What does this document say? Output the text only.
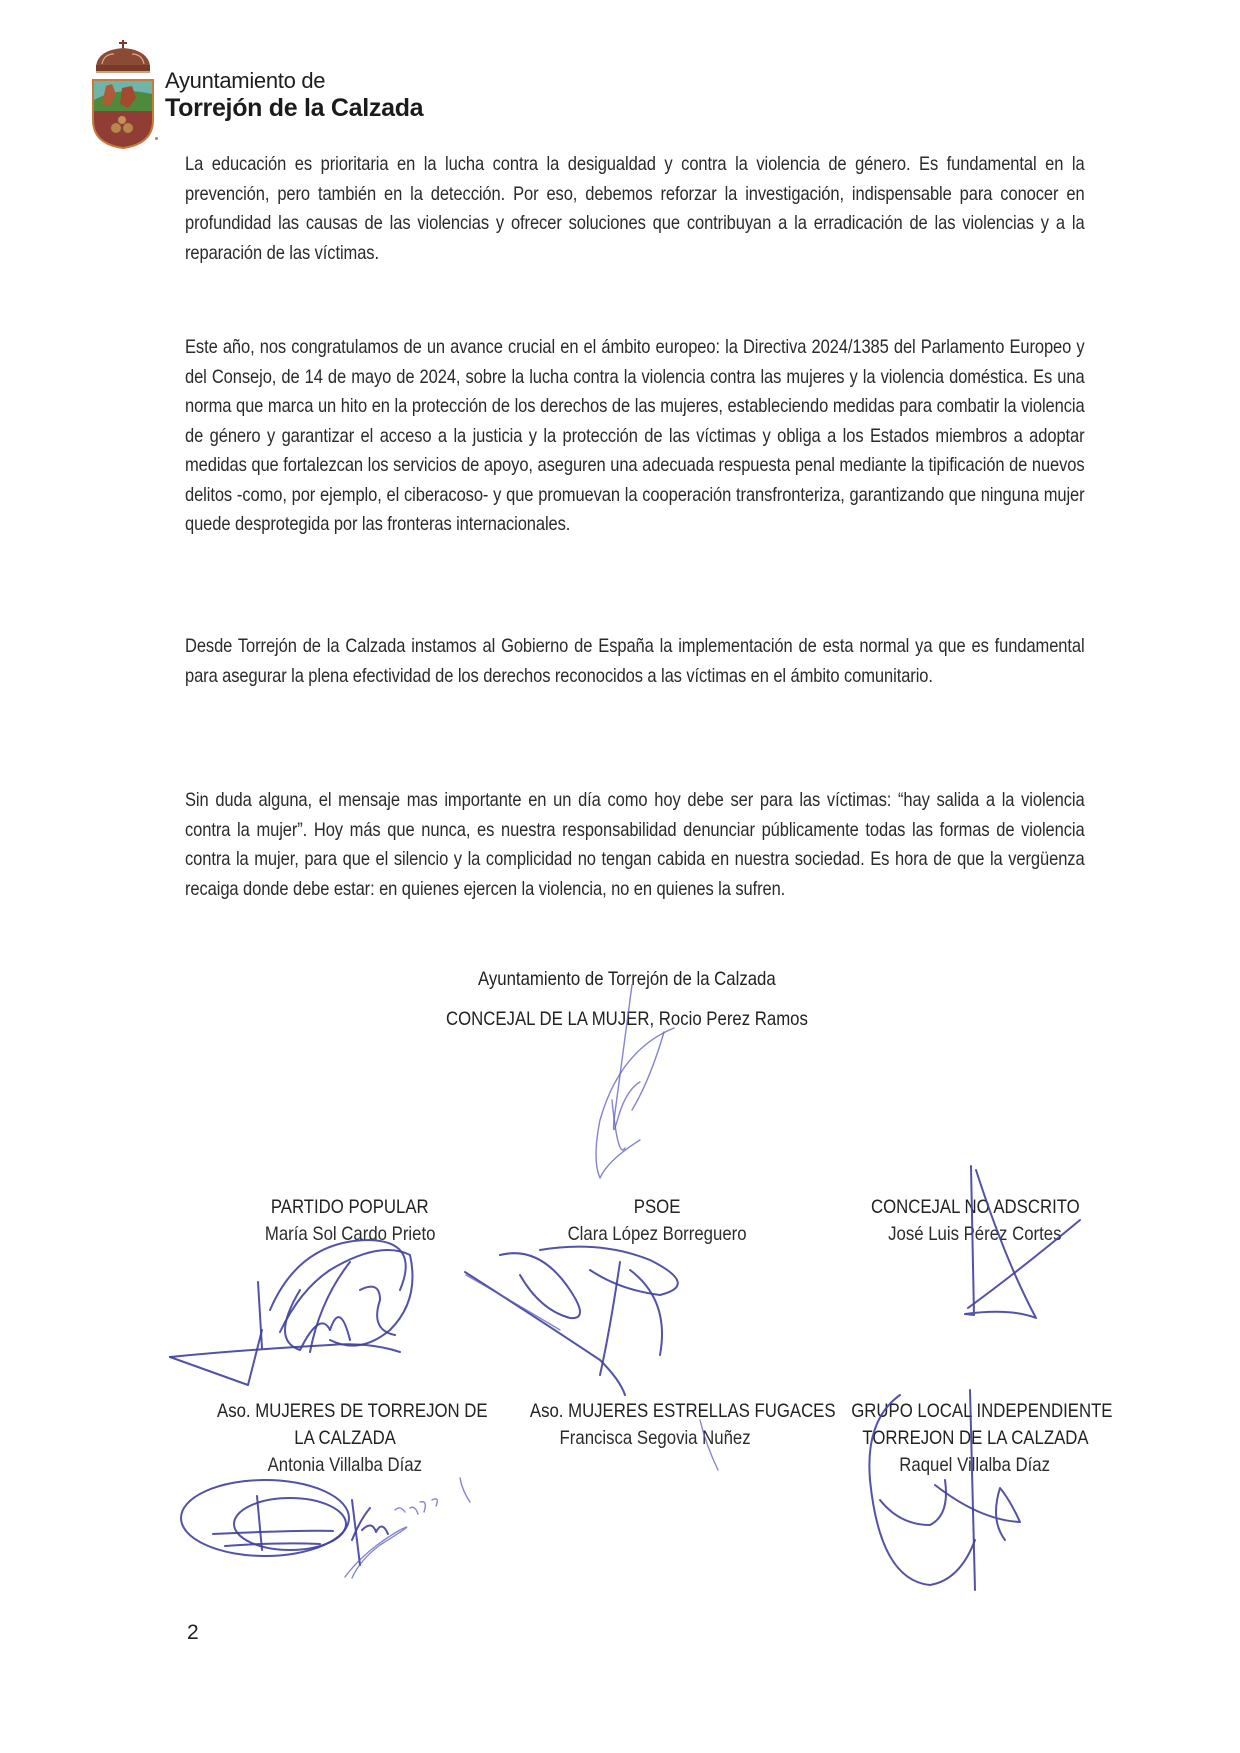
Ayuntamiento de
Torrejón de la Calzada
La educación es prioritaria en la lucha contra la desigualdad y contra la violencia de género. Es fundamental en la prevención, pero también en la detección. Por eso, debemos reforzar la investigación, indispensable para conocer en profundidad las causas de las violencias y ofrecer soluciones que contribuyan a la erradicación de las violencias y a la reparación de las víctimas.
Este año, nos congratulamos de un avance crucial en el ámbito europeo: la Directiva 2024/1385 del Parlamento Europeo y del Consejo, de 14 de mayo de 2024, sobre la lucha contra la violencia contra las mujeres y la violencia doméstica. Es una norma que marca un hito en la protección de los derechos de las mujeres, estableciendo medidas para combatir la violencia de género y garantizar el acceso a la justicia y la protección de las víctimas y obliga a los Estados miembros a adoptar medidas que fortalezcan los servicios de apoyo, aseguren una adecuada respuesta penal mediante la tipificación de nuevos delitos -como, por ejemplo, el ciberacoso- y que promuevan la cooperación transfronteriza, garantizando que ninguna mujer quede desprotegida por las fronteras internacionales.
Desde Torrejón de la Calzada instamos al Gobierno de España la implementación de esta normal ya que es fundamental para asegurar la plena efectividad de los derechos reconocidos a las víctimas en el ámbito comunitario.
Sin duda alguna, el mensaje mas importante en un día como hoy debe ser para las víctimas: “hay salida a la violencia contra la mujer”. Hoy más que nunca, es nuestra responsabilidad denunciar públicamente todas las formas de violencia contra la mujer, para que el silencio y la complicidad no tengan cabida en nuestra sociedad. Es hora de que la vergüenza recaiga donde debe estar: en quienes ejercen la violencia, no en quienes la sufren.
Ayuntamiento de Torrejón de la Calzada
CONCEJAL DE LA MUJER, Rocio Perez Ramos
PARTIDO POPULAR
María Sol Cardo Prieto
PSOE
Clara López Borreguero
CONCEJAL NO ADSCRITO
José Luis Pérez Cortes
Aso. MUJERES DE TORREJON DE
LA CALZADA
Antonia Villalba Díaz
Aso. MUJERES ESTRELLAS FUGACES
Francisca Segovia Nuñez
GRUPO LOCAL INDEPENDIENTE
TORREJON DE LA CALZADA
Raquel Villalba Díaz
2
